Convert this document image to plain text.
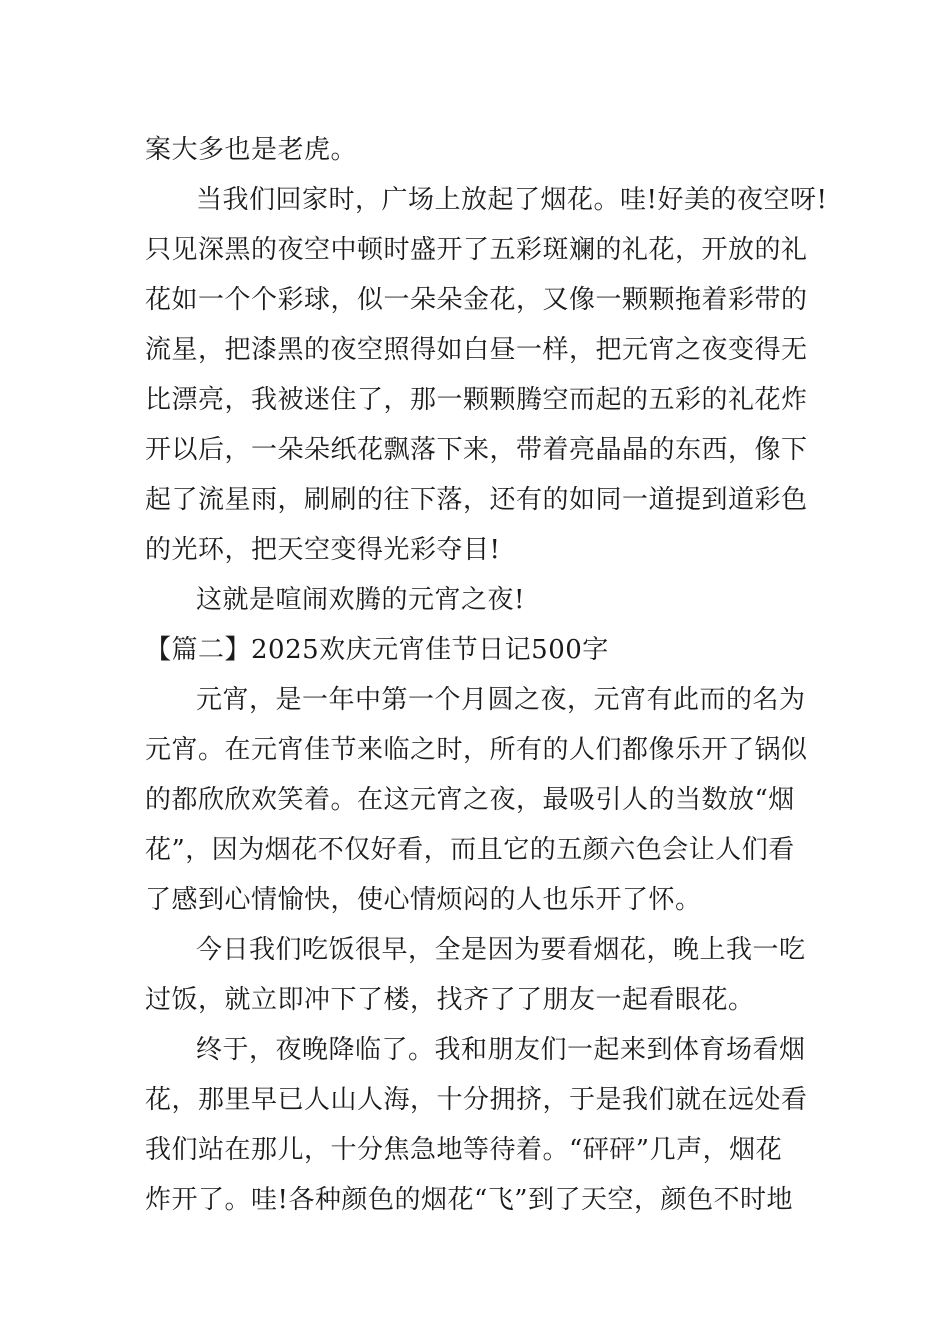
案大多也是老虎。
当我们回家时，广场上放起了烟花。哇!好美的夜空呀!
只见深黑的夜空中顿时盛开了五彩斑斓的礼花，开放的礼
花如一个个彩球，似一朵朵金花，又像一颗颗拖着彩带的
流星，把漆黑的夜空照得如白昼一样，把元宵之夜变得无
比漂亮，我被迷住了，那一颗颗腾空而起的五彩的礼花炸
开以后，一朵朵纸花飘落下来，带着亮晶晶的东西，像下
起了流星雨，刷刷的往下落，还有的如同一道提到道彩色
的光环，把天空变得光彩夺目!
这就是喧闹欢腾的元宵之夜!
【篇二】2025欢庆元宵佳节日记500字
元宵，是一年中第一个月圆之夜，元宵有此而的名为
元宵。在元宵佳节来临之时，所有的人们都像乐开了锅似
的都欣欣欢笑着。在这元宵之夜，最吸引人的当数放“烟
花”，因为烟花不仅好看，而且它的五颜六色会让人们看
了感到心情愉快，使心情烦闷的人也乐开了怀。
今日我们吃饭很早，全是因为要看烟花，晚上我一吃
过饭，就立即冲下了楼，找齐了了朋友一起看眼花。
终于，夜晚降临了。我和朋友们一起来到体育场看烟
花，那里早已人山人海，十分拥挤，于是我们就在远处看
我们站在那儿，十分焦急地等待着。“砰砰”几声，烟花
炸开了。哇!各种颜色的烟花“飞”到了天空，颜色不时地
